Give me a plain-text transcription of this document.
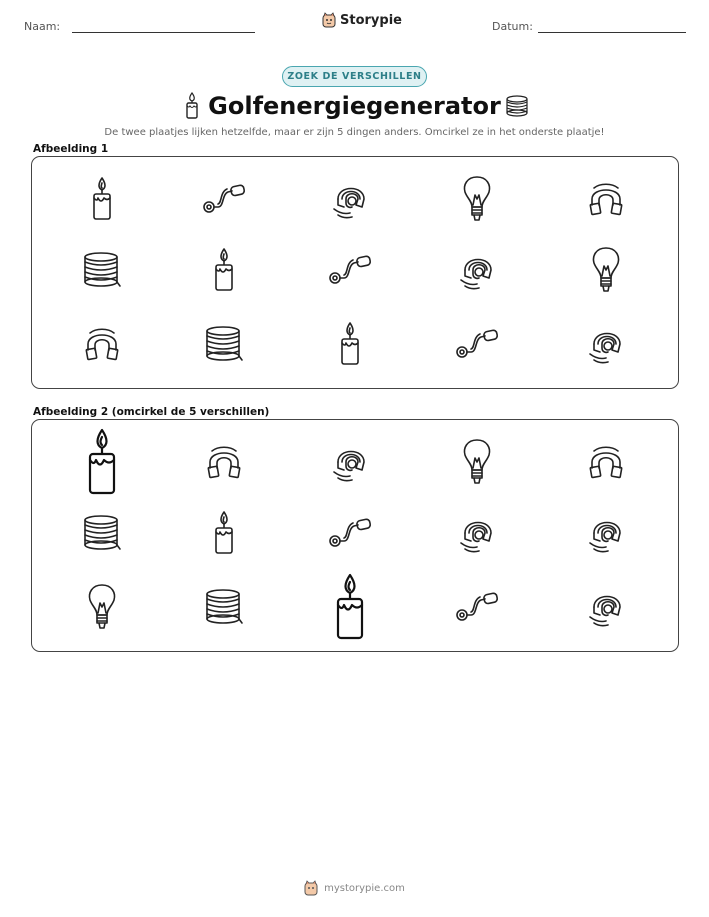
Naam:	Storypie	Datum:
ZOEK DE VERSCHILLEN
Golfenergiegenerator
De twee plaatjes lijken hetzelfde, maar er zijn 5 dingen anders. Omcirkel ze in het onderste plaatje!
Afbeelding 1
Afbeelding 2 (omcirkel de 5 verschillen)
mystorypie.com
